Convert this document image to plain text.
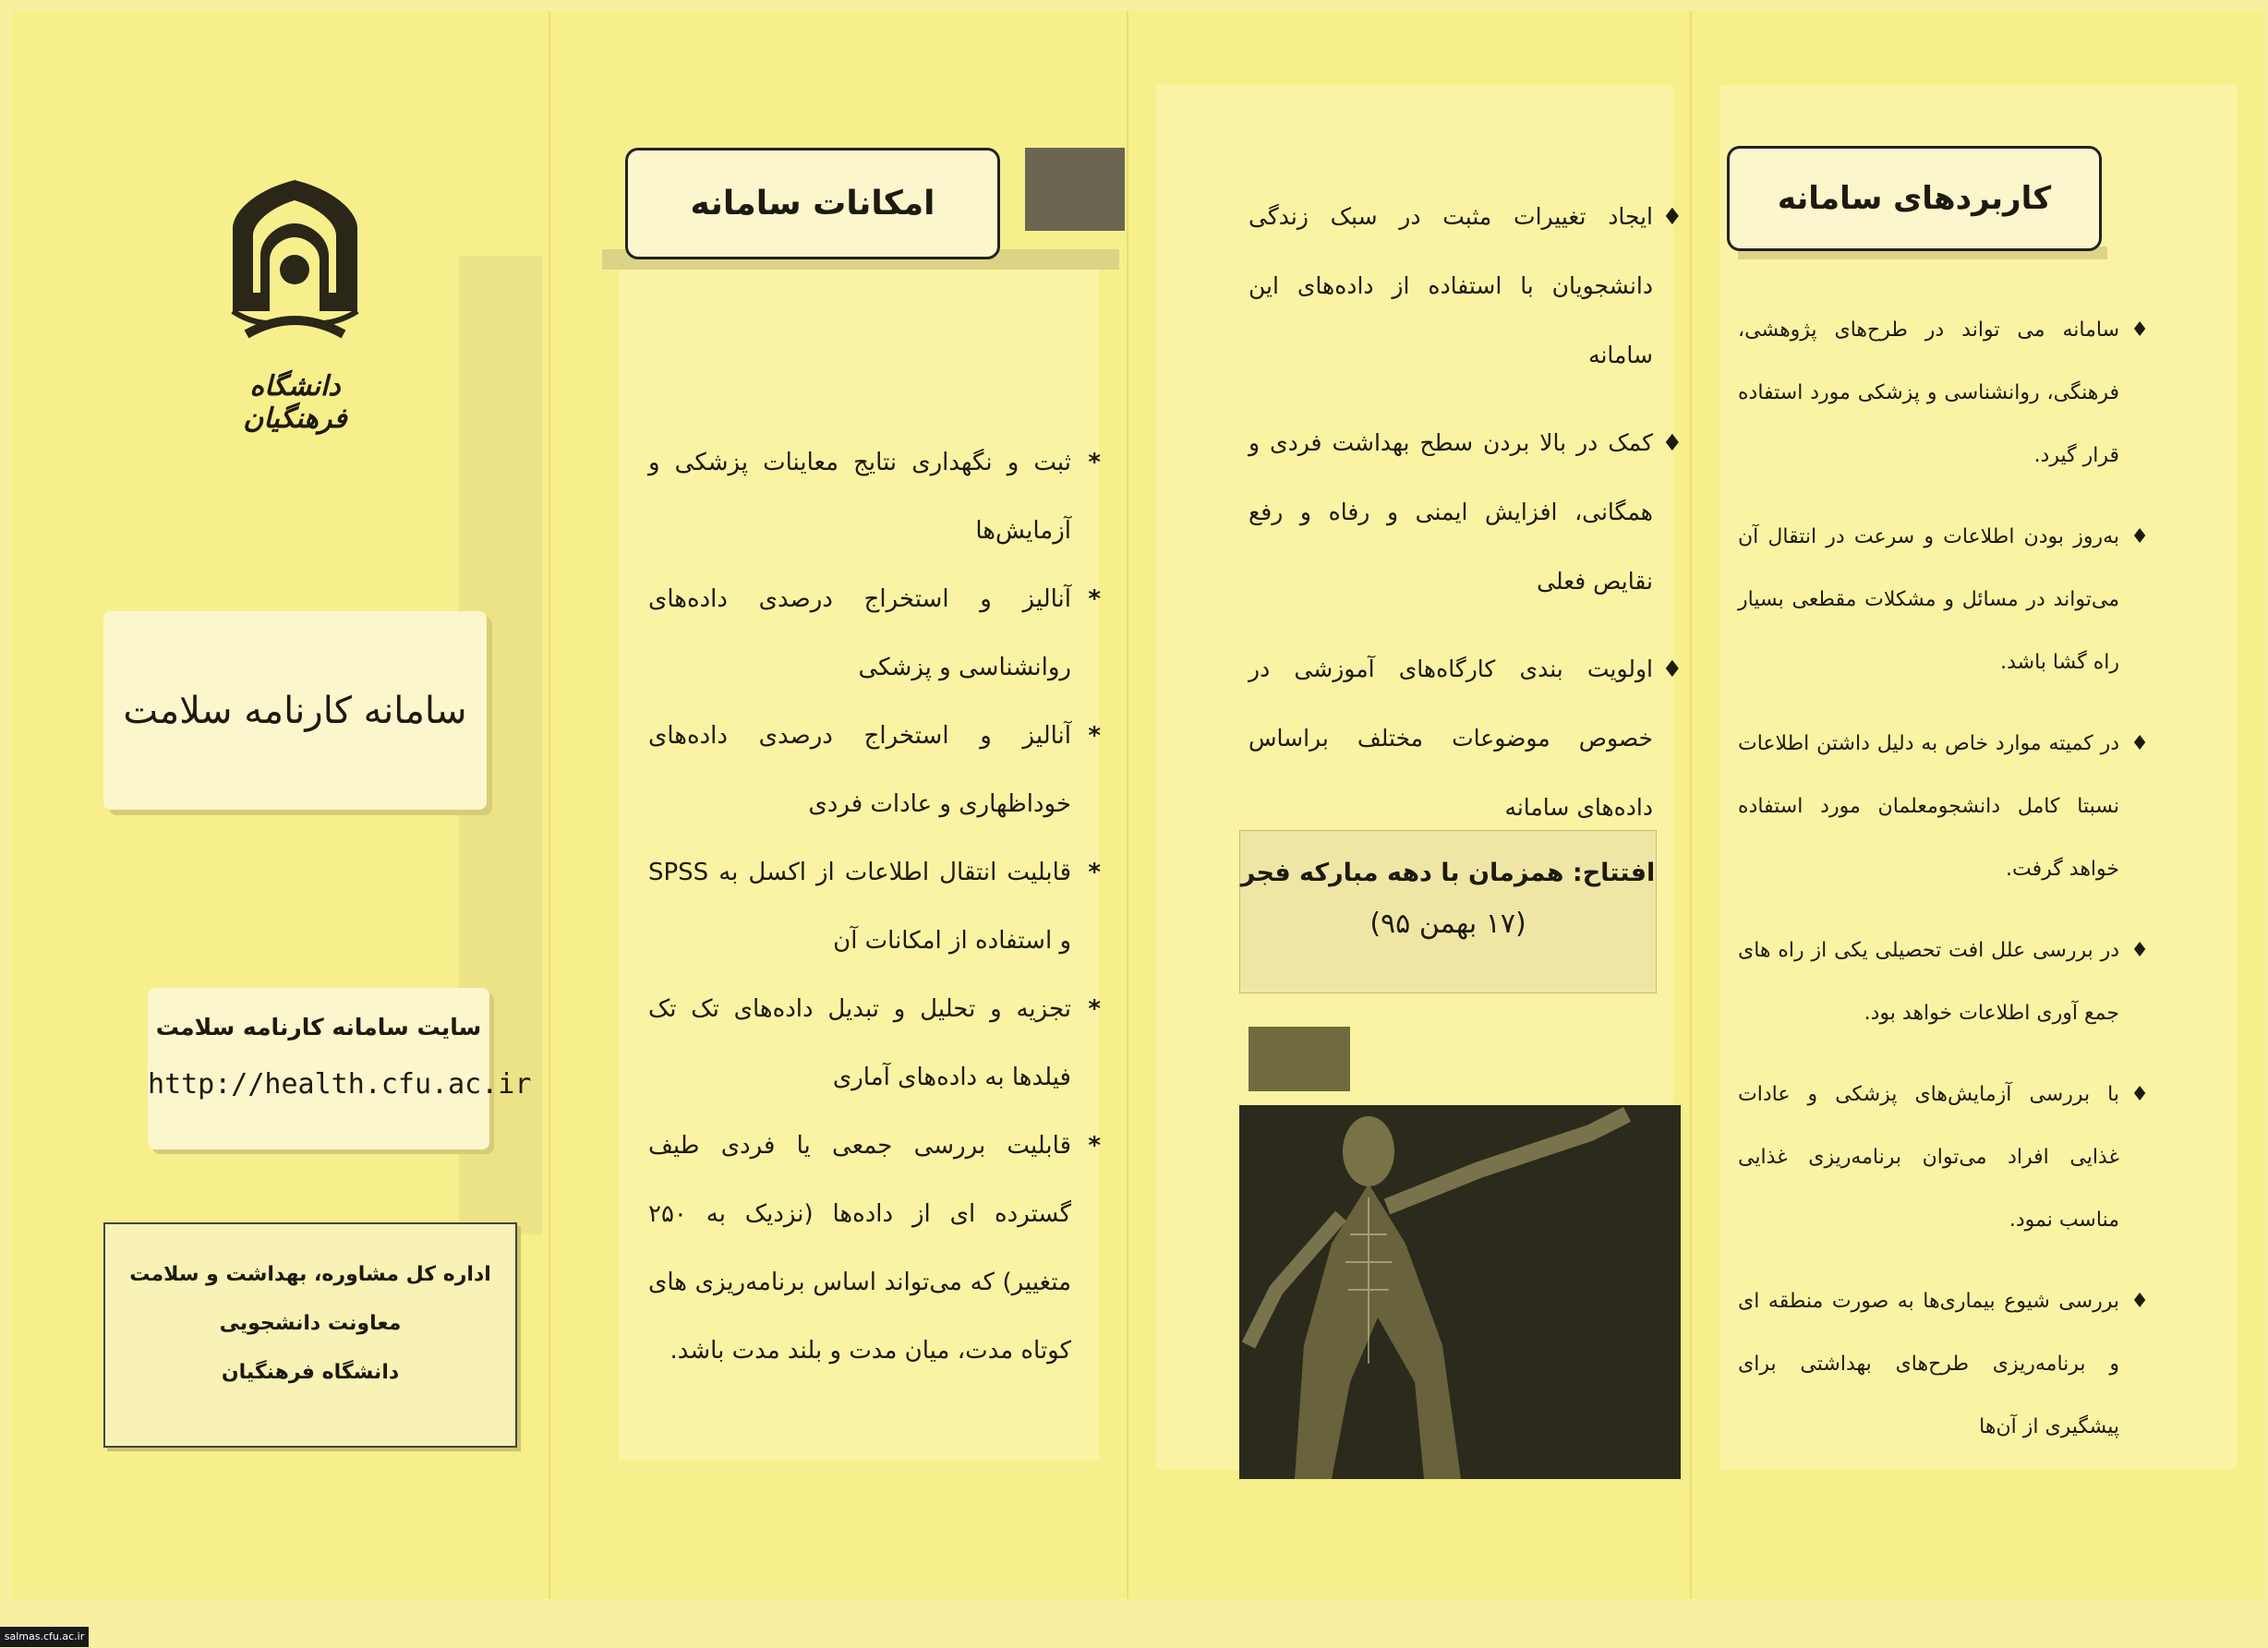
دانشگاه فرهنگیان
سامانه کارنامه سلامت
سایت سامانه کارنامه سلامت
http://health.cfu.ac.ir
اداره کل مشاوره، بهداشت و سلامت
معاونت دانشجویی
دانشگاه فرهنگیان
امکانات سامانه
*
ثبت و نگهداری نتایج معاینات پزشکی و آزمایش‌ها
*
آنالیز و استخراج درصدی داده‌های روانشناسی و پزشکی
*
آنالیز و استخراج درصدی داده‌های خوداظهاری و عادات فردی
*
قابلیت انتقال اطلاعات از اکسل به SPSS و استفاده از امکانات آن
*
تجزیه و تحلیل و تبدیل داده‌های تک تک فیلدها به داده‌های آماری
*
قابلیت بررسی جمعی یا فردی طیف گسترده ای از داده‌ها (نزدیک به ۲۵۰ متغییر) که می‌تواند اساس برنامه‌ریزی های کوتاه مدت، میان مدت و بلند مدت باشد.
♦
ایجاد تغییرات مثبت در سبک زندگی دانشجویان با استفاده از داده‌های این سامانه
♦
کمک در بالا بردن سطح بهداشت فردی و همگانی، افزایش ایمنی و رفاه و رفع نقایص فعلی
♦
اولویت بندی کارگاه‌های آموزشی در خصوص موضوعات مختلف براساس داده‌های سامانه
افتتاح: همزمان با دهه مبارکه فجر
(۱۷ بهمن ۹۵)
کاربردهای سامانه
♦
سامانه می تواند در طرح‌های پژوهشی، فرهنگی، روانشناسی و پزشکی مورد استفاده قرار گیرد.
♦
به‌روز بودن اطلاعات و سرعت در انتقال آن می‌تواند در مسائل و مشکلات مقطعی بسیار راه گشا باشد.
♦
در کمیته موارد خاص به دلیل داشتن اطلاعات نسبتا کامل دانشجومعلمان مورد استفاده خواهد گرفت.
♦
در بررسی علل افت تحصیلی یکی از راه های جمع آوری اطلاعات خواهد بود.
♦
با بررسی آزمایش‌های پزشکی و عادات غذایی افراد می‌توان برنامه‌ریزی غذایی مناسب نمود.
♦
بررسی شیوع بیماری‌ها به صورت منطقه ای و برنامه‌ریزی طرح‌های بهداشتی برای پیشگیری از آن‌ها
salmas.cfu.ac.ir
